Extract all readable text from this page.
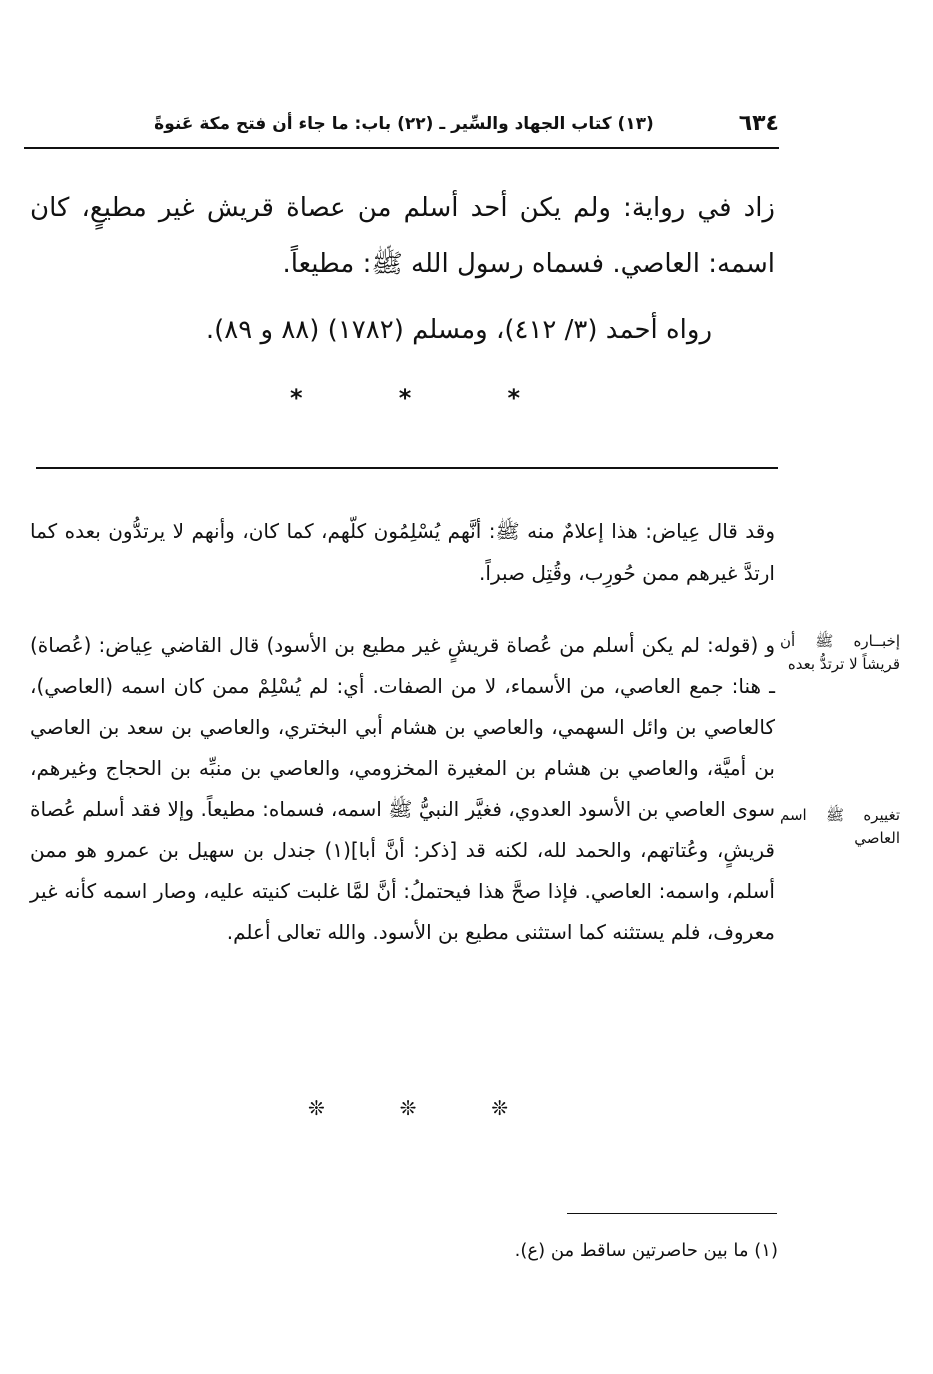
(١٣) كتاب الجهاد والسِّير ـ (٢٢) باب: ما جاء أن فتح مكة عَنوةً	٦٣٤

زاد في رواية: ولم يكن أحد أسلم من عصاة قريش غير مطيعٍ، كان اسمه: العاصي. فسماه رسول الله ﷺ: مطيعاً.

رواه أحمد (٣/ ٤١٢)، ومسلم (١٧٨٢) (٨٨ و ٨٩).

*	*	*

وقد قال عِياض: هذا إعلامٌ منه ﷺ: أنَّهم يُسْلِمُون كلّهم، كما كان، وأنهم لا يرتدُّون بعده كما ارتدَّ غيرهم ممن حُورِب، وقُتِل صبراً.

و (قوله: لم يكن أسلم من عُصاة قريشٍ غير مطيع بن الأسود) قال القاضي عِياض: (عُصاة) ـ هنا: جمع العاصي، من الأسماء، لا من الصفات. أي: لم يُسْلِمْ ممن كان اسمه (العاصي)، كالعاصي بن وائل السهمي، والعاصي بن هشام أبي البختري، والعاصي بن سعد بن العاصي بن أميَّة، والعاصي بن هشام بن المغيرة المخزومي، والعاصي بن منبِّه بن الحجاج وغيرهم، سوى العاصي بن الأسود العدوي، فغيَّر النبيُّ ﷺ اسمه، فسماه: مطيعاً. وإلا فقد أسلم عُصاة قريشٍ، وعُتاتهم، والحمد لله، لكنه قد [ذكر: أنَّ أبا](١) جندل بن سهيل بن عمرو هو ممن أسلم، واسمه: العاصي. فإذا صحَّ هذا فيحتملُ: أنَّ لمَّا غلبت كنيته عليه، وصار اسمه كأنه غير معروف، فلم يستثنه كما استثنى مطيع بن الأسود. والله تعالى أعلم.

إخبــاره ﷺ أن قريشاً لا ترتدُّ بعده
تغييره ﷺ اسم العاصي
❊	❊	❊
(١) ما بين حاصرتين ساقط من (ع).
